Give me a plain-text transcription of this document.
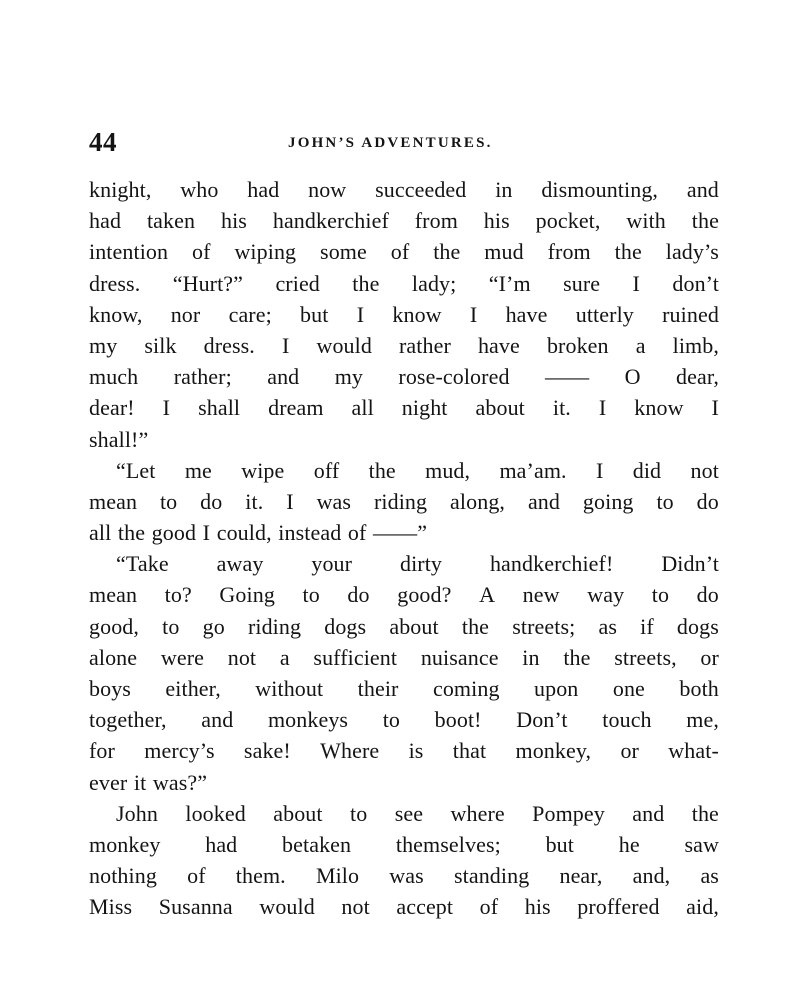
44	JOHN’S ADVENTURES.
knight, who had now succeeded in dismounting, and
had taken his handkerchief from his pocket, with the
intention of wiping some of the mud from the lady’s
dress. “Hurt?” cried the lady; “I’m sure I don’t
know, nor care; but I know I have utterly ruined
my silk dress. I would rather have broken a limb,
much rather; and my rose-colored —— O dear,
dear! I shall dream all night about it. I know I
shall!”
“Let me wipe off the mud, ma’am. I did not
mean to do it. I was riding along, and going to do
all the good I could, instead of ——”
“Take away your dirty handkerchief! Didn’t
mean to? Going to do good? A new way to do
good, to go riding dogs about the streets; as if dogs
alone were not a sufficient nuisance in the streets, or
boys either, without their coming upon one both
together, and monkeys to boot! Don’t touch me,
for mercy’s sake! Where is that monkey, or what-
ever it was?”
John looked about to see where Pompey and the
monkey had betaken themselves; but he saw
nothing of them. Milo was standing near, and, as
Miss Susanna would not accept of his proffered aid,
